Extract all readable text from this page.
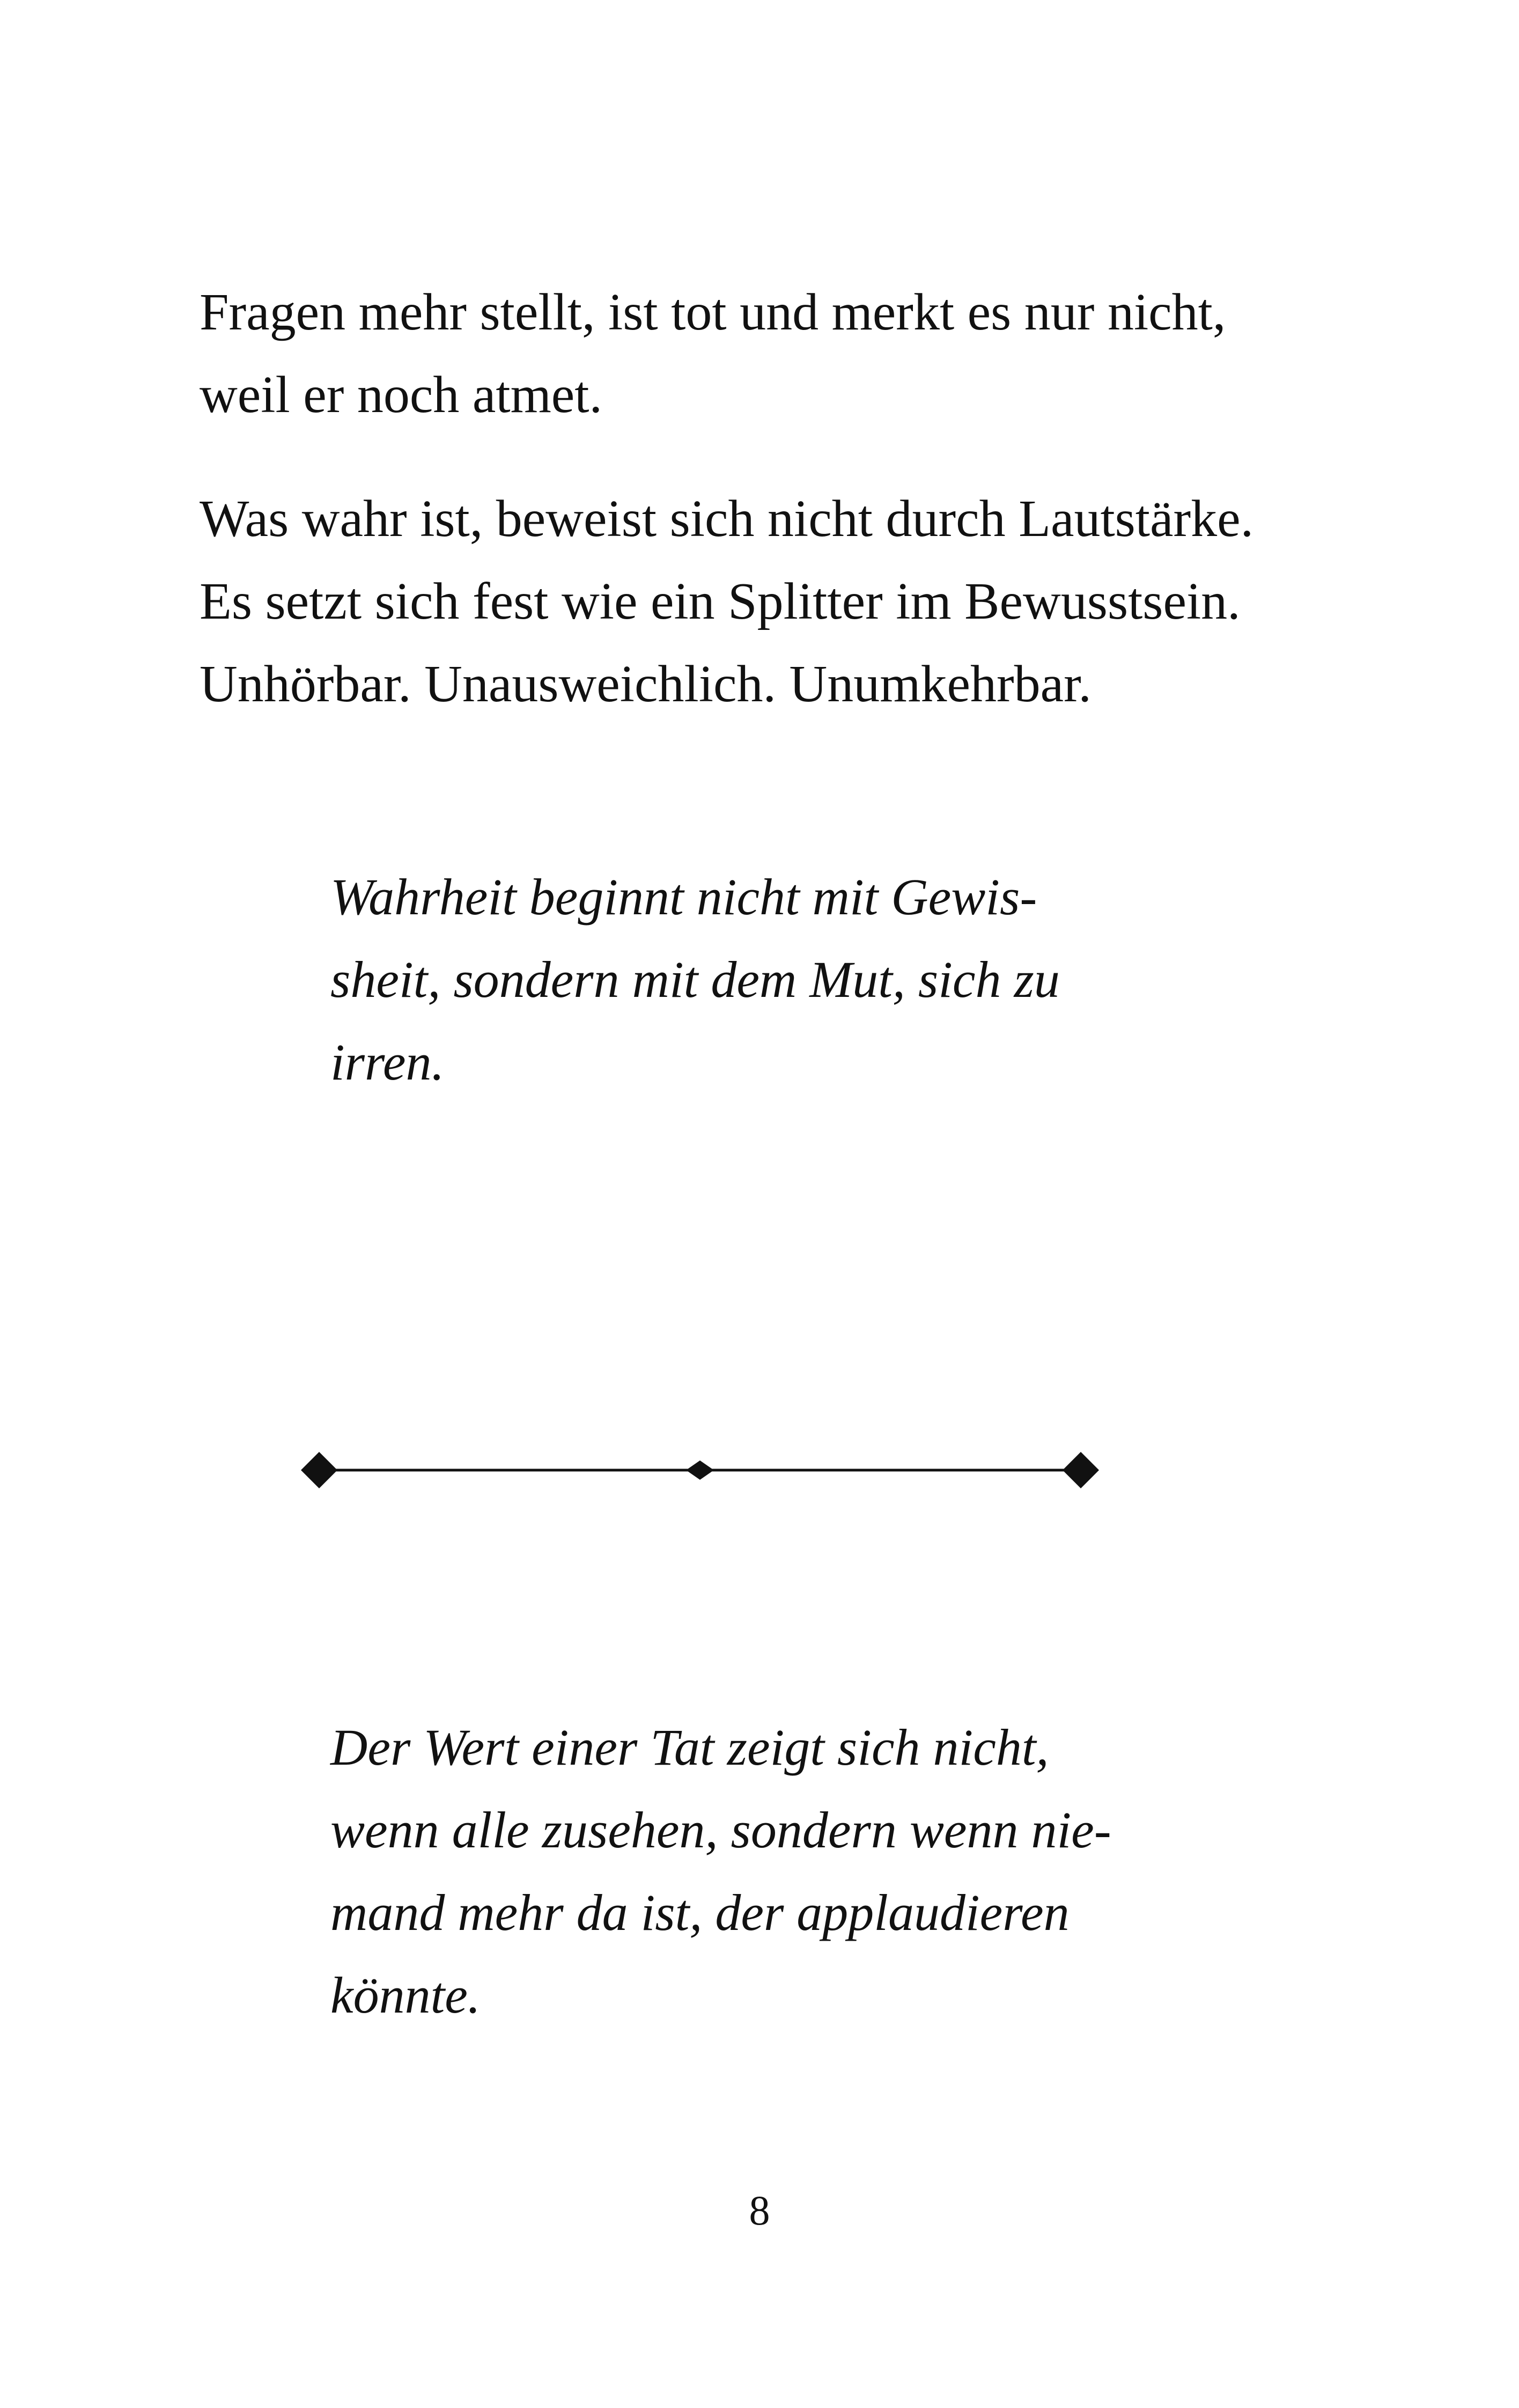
Fragen mehr stellt, ist tot und merkt es nur nicht,
weil er noch atmet.

Was wahr ist, beweist sich nicht durch Lautstärke.
Es setzt sich fest wie ein Splitter im Bewusstsein.
Unhörbar. Unausweichlich. Unumkehrbar.

Wahrheit beginnt nicht mit Gewis-
sheit, sondern mit dem Mut, sich zu
irren.
Der Wert einer Tat zeigt sich nicht,
wenn alle zusehen, sondern wenn nie-
mand mehr da ist, der applaudieren
könnte.
8
